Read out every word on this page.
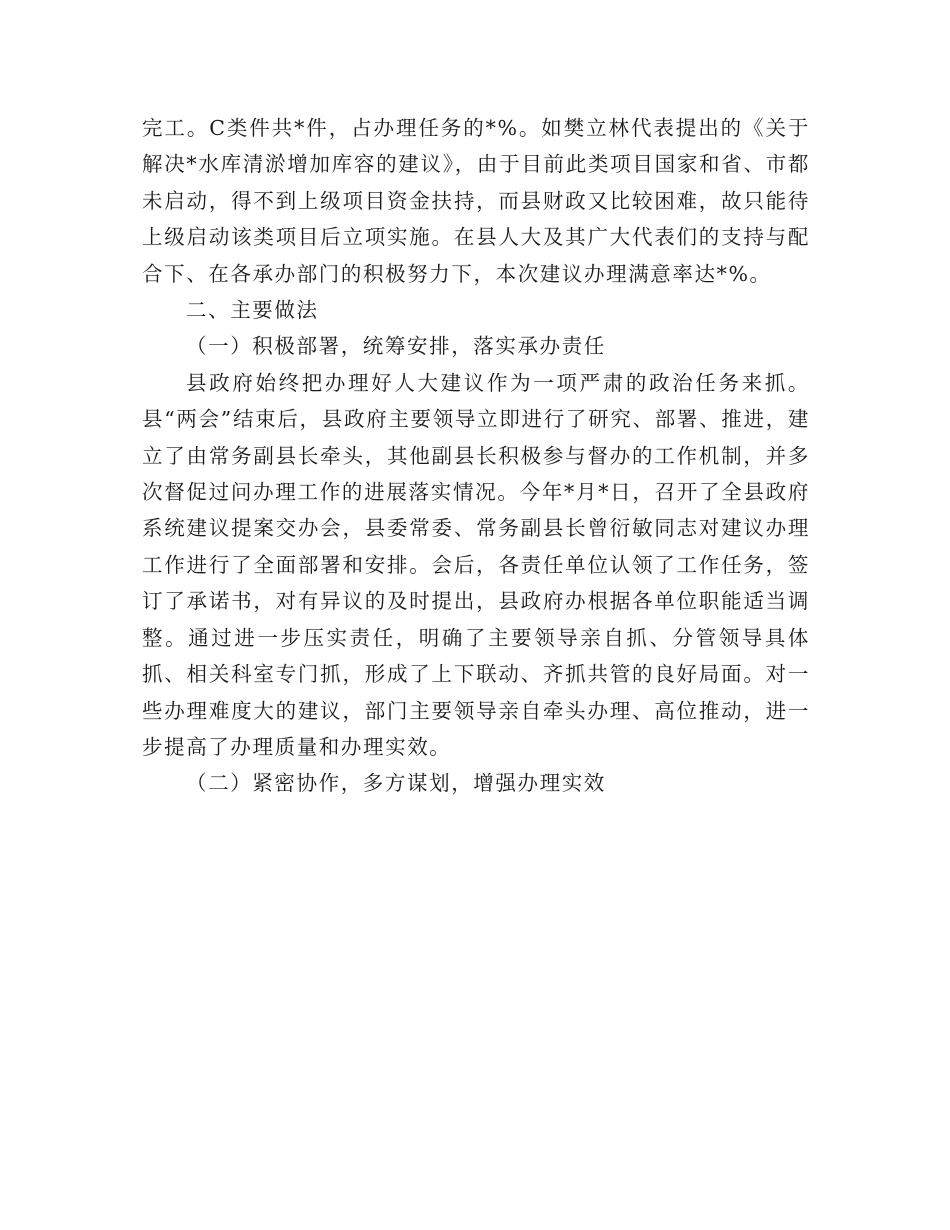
完工。C类件共*件，占办理任务的*%。如樊立林代表提出的《关于解决*水库清淤增加库容的建议》，由于目前此类项目国家和省、市都未启动，得不到上级项目资金扶持，而县财政又比较困难，故只能待上级启动该类项目后立项实施。在县人大及其广大代表们的支持与配合下、在各承办部门的积极努力下，本次建议办理满意率达*%。

二、主要做法

（一）积极部署，统筹安排，落实承办责任

县政府始终把办理好人大建议作为一项严肃的政治任务来抓。县“两会”结束后，县政府主要领导立即进行了研究、部署、推进，建立了由常务副县长牵头，其他副县长积极参与督办的工作机制，并多次督促过问办理工作的进展落实情况。今年*月*日，召开了全县政府系统建议提案交办会，县委常委、常务副县长曾衍敏同志对建议办理工作进行了全面部署和安排。会后，各责任单位认领了工作任务，签订了承诺书，对有异议的及时提出，县政府办根据各单位职能适当调整。通过进一步压实责任，明确了主要领导亲自抓、分管领导具体抓、相关科室专门抓，形成了上下联动、齐抓共管的良好局面。对一些办理难度大的建议，部门主要领导亲自牵头办理、高位推动，进一步提高了办理质量和办理实效。

（二）紧密协作，多方谋划，增强办理实效
